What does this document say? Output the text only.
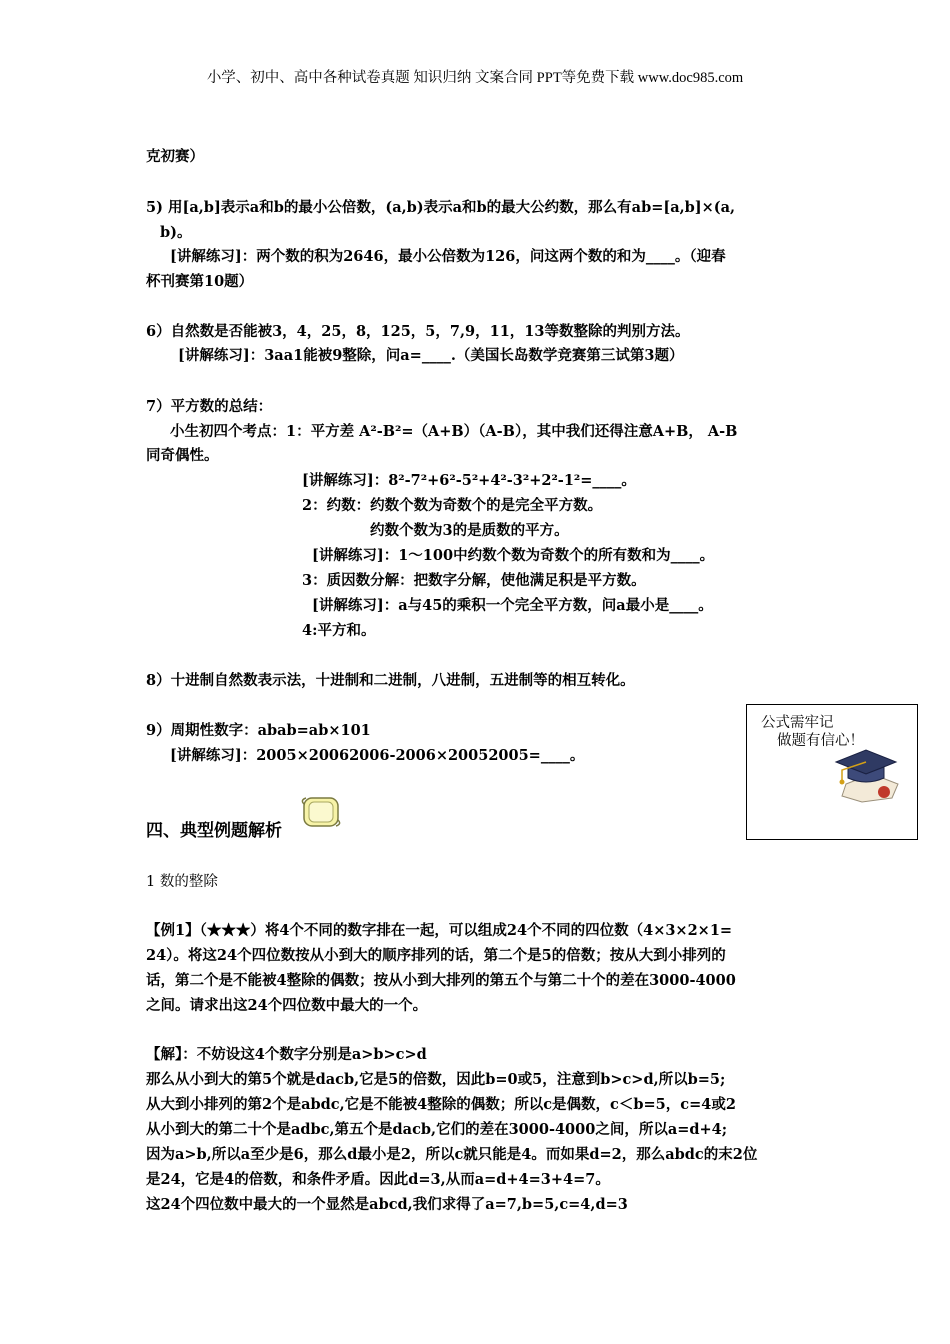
小学、初中、高中各种试卷真题 知识归纳 文案合同 PPT等免费下载 www.doc985.com
克初赛）
5) 用[a,b]表示a和b的最小公倍数，(a,b)表示a和b的最大公约数，那么有ab=[a,b]×(a,
b)。
[讲解练习]：两个数的积为2646，最小公倍数为126，问这两个数的和为____。（迎春
杯刊赛第10题）
6）自然数是否能被3，4，25，8，125，5，7,9，11，13等数整除的判别方法。
[讲解练习]：3aa1能被9整除，问a=____.（美国长岛数学竞赛第三试第3题）
7）平方数的总结：
小生初四个考点：1：平方差 A²-B²=（A+B）（A-B），其中我们还得注意A+B， A-B
同奇偶性。
[讲解练习]：8²-7²+6²-5²+4²-3²+2²-1²=____。
2：约数：约数个数为奇数个的是完全平方数。
约数个数为3的是质数的平方。
[讲解练习]：1～100中约数个数为奇数个的所有数和为____。
3：质因数分解：把数字分解，使他满足积是平方数。
[讲解练习]：a与45的乘积一个完全平方数，问a最小是____。
4:平方和。
8）十进制自然数表示法，十进制和二进制，八进制，五进制等的相互转化。
9）周期性数字：abab=ab×101
[讲解练习]：2005×20062006-2006×20052005=____。
公式需牢记
做题有信心！
四、典型例题解析
1 数的整除
【例1】（★★★）将4个不同的数字排在一起，可以组成24个不同的四位数（4×3×2×1=
24）。将这24个四位数按从小到大的顺序排列的话，第二个是5的倍数；按从大到小排列的
话，第二个是不能被4整除的偶数；按从小到大排列的第五个与第二十个的差在3000-4000
之间。请求出这24个四位数中最大的一个。
【解】：不妨设这4个数字分别是a>b>c>d
那么从小到大的第5个就是dacb,它是5的倍数，因此b=0或5，注意到b>c>d,所以b=5;
从大到小排列的第2个是abdc,它是不能被4整除的偶数；所以c是偶数，c＜b=5，c=4或2
从小到大的第二十个是adbc,第五个是dacb,它们的差在3000-4000之间，所以a=d+4;
因为a>b,所以a至少是6，那么d最小是2，所以c就只能是4。而如果d=2，那么abdc的末2位
是24，它是4的倍数，和条件矛盾。因此d=3,从而a=d+4=3+4=7。
这24个四位数中最大的一个显然是abcd,我们求得了a=7,b=5,c=4,d=3
